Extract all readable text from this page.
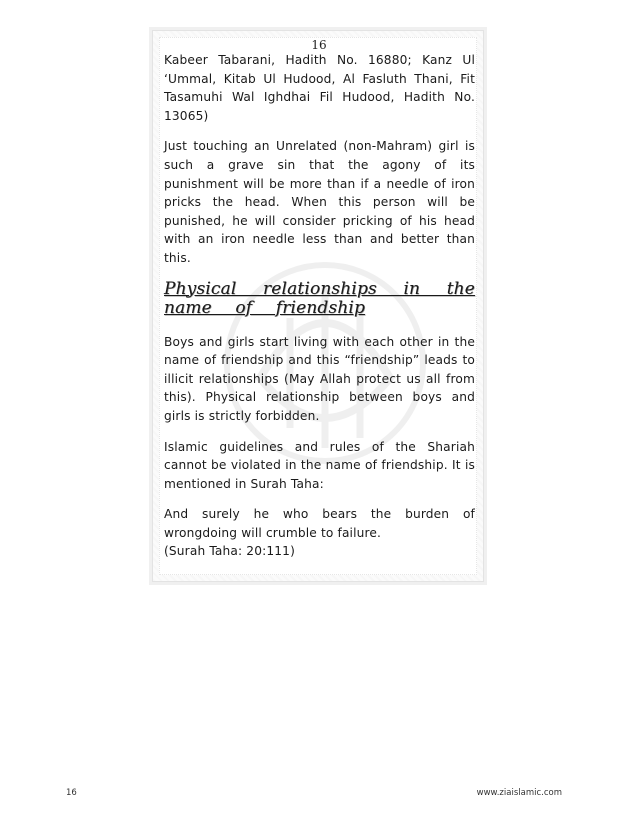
16

Kabeer Tabarani, Hadith No. 16880; Kanz Ul ‘Ummal, Kitab Ul Hudood, Al Fasluth Thani, Fit Tasamuhi Wal Ighdhai Fil Hudood, Hadith No. 13065)

Just touching an Unrelated (non-Mahram) girl is such a grave sin that the agony of its punishment will be more than if a needle of iron pricks the head. When this person will be punished, he will consider pricking of his head with an iron needle less than and better than this.

Physical relationships in the name of friendship

Boys and girls start living with each other in the name of friendship and this “friendship” leads to illicit relationships (May Allah protect us all from this). Physical relationship between boys and girls is strictly forbidden.

Islamic guidelines and rules of the Shariah cannot be violated in the name of friendship. It is mentioned in Surah Taha:

And surely he who bears the burden of wrongdoing will crumble to failure.

(Surah Taha: 20:111)

16	www.ziaislamic.com
